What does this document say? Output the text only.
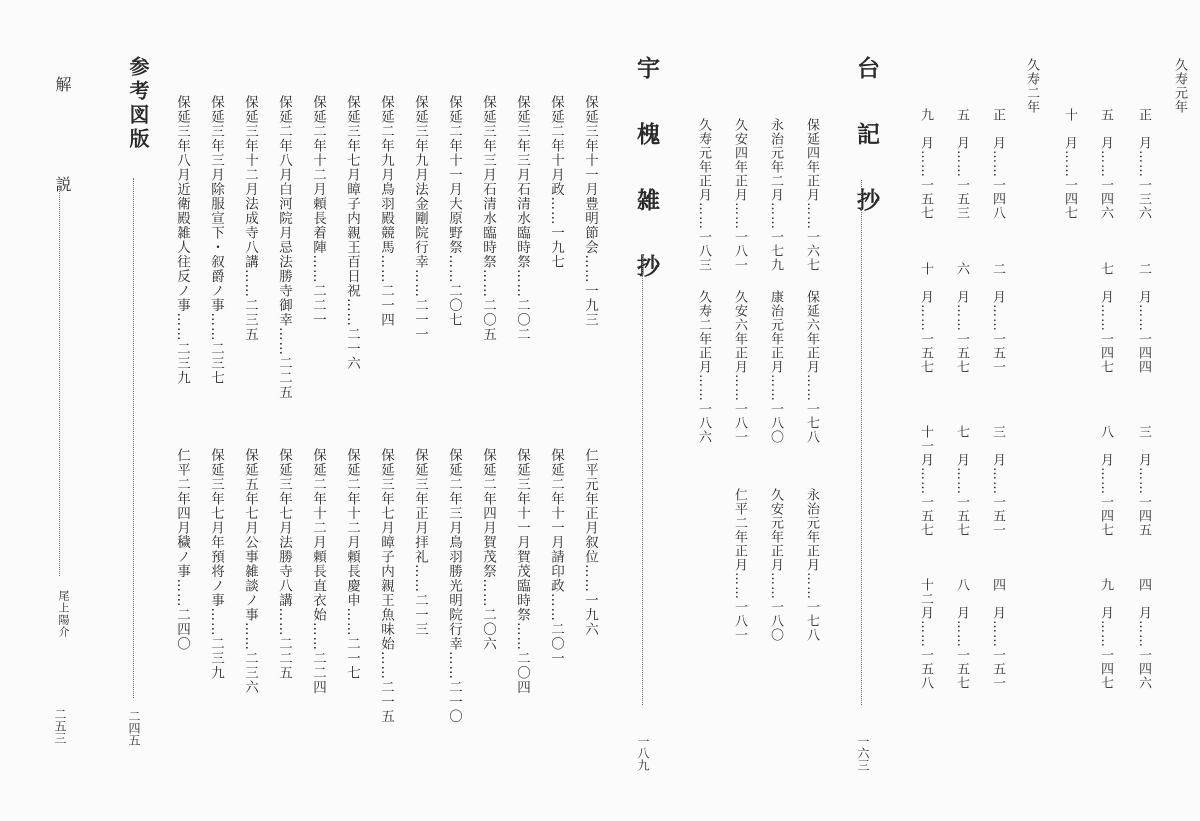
久寿元年
正　月……一三六
二　月……一四四
三　月……一四五
四　月……一四六
五　月……一四六
七　月……一四七
八　月……一四七
九　月……一四七
十　月……一四七
久寿二年
正　月……一四八
二　月……一五一
三　月……一五一
四　月……一五一
五　月……一五三
六　月……一五七
七　月……一五七
八　月……一五七
九　月……一五七
十　月……一五七
十一月……一五七
十二月……一五八
台　記　抄
一六三
保延四年正月……一六七
保延六年正月……一七八
永治元年正月……一七八
永治元年二月……一七九
康治元年正月……一八〇
久安元年正月……一八〇
久安四年正月……一八一
久安六年正月……一八一
仁平二年正月……一八一
久寿元年正月……一八三
久寿二年正月……一八六
宇　槐　雑　抄
一八九
保延三年十一月豊明節会……一九三
保延二年十月政……一九七
保延三年三月石清水臨時祭……二〇二
保延三年三月石清水臨時祭……二〇五
保延二年十一月大原野祭……二〇七
保延三年九月法金剛院行幸……二一一
保延二年九月鳥羽殿競馬……二一四
保延三年七月暲子内親王百日祝……二一六
保延二年十二月頼長着陣……二二一
保延二年八月白河院月忌法勝寺御幸……二二五
保延三年十二月法成寺八講……二三五
保延三年三月除服宣下・叙爵ノ事……二三七
保延三年八月近衛殿雑人往反ノ事……二三九
仁平元年正月叙位……一九六
保延二年十一月請印政……二〇一
保延三年十一月賀茂臨時祭……二〇四
保延二年四月賀茂祭……二〇六
保延二年三月鳥羽勝光明院行幸……二一〇
保延三年正月拝礼……二一三
保延三年七月暲子内親王魚味始……二一五
保延二年十二月頼長慶申……二一七
保延二年十二月頼長直衣始……二二四
保延三年七月法勝寺八講……二二五
保延五年七月公事雑談ノ事……二三六
保延三年七月年預将ノ事……二三九
仁平二年四月穢ノ事……二四〇
参考図版
二四五
解　説
尾上陽介
二五三
